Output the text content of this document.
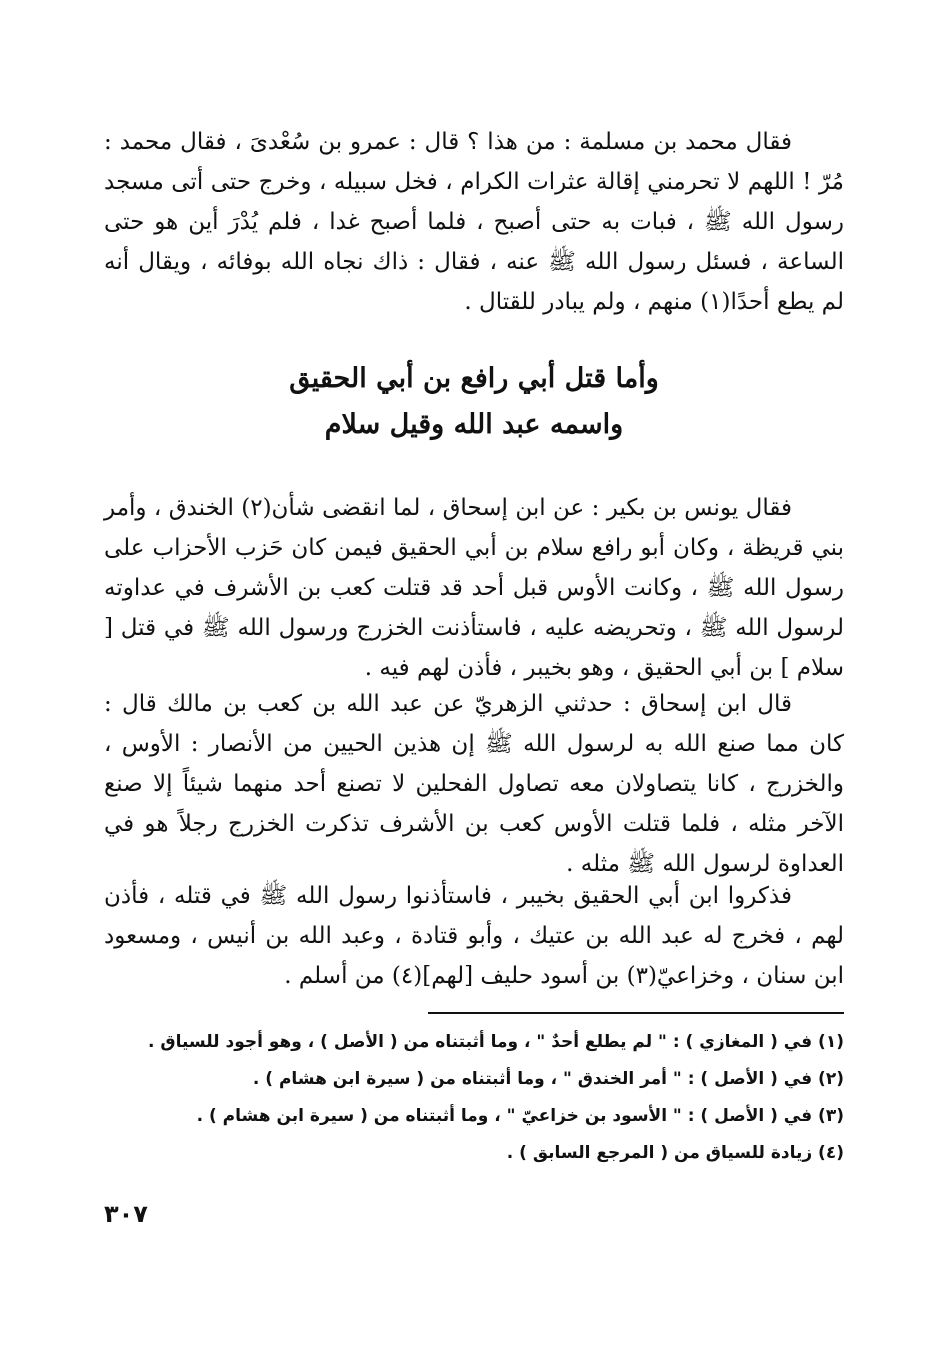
فقال محمد بن مسلمة : من هذا ؟ قال : عمرو بن سُعْدىَ ، فقال محمد : مُرّ ! اللهم لا تحرمني إقالة عثرات الكرام ، فخل سبيله ، وخرج حتى أتى مسجد رسول الله ﷺ ، فبات به حتى أصبح ، فلما أصبح غدا ، فلم يُدْرَ أين هو حتى الساعة ، فسئل رسول الله ﷺ عنه ، فقال : ذاك نجاه الله بوفائه ، ويقال أنه لم يطع أحدًا(١) منهم ، ولم يبادر للقتال .

وأما قتل أبي رافع بن أبي الحقيق
واسمه عبد الله وقيل سلام

فقال يونس بن بكير : عن ابن إسحاق ، لما انقضى شأن(٢) الخندق ، وأمر بني قريظة ، وكان أبو رافع سلام بن أبي الحقيق فيمن كان حَزب الأحزاب على رسول الله ﷺ ، وكانت الأوس قبل أحد قد قتلت كعب بن الأشرف في عداوته لرسول الله ﷺ ، وتحريضه عليه ، فاستأذنت الخزرج ورسول الله ﷺ في قتل [ سلام ] بن أبي الحقيق ، وهو بخيبر ، فأذن لهم فيه .

قال ابن إسحاق : حدثني الزهريّ عن عبد الله بن كعب بن مالك قال : كان مما صنع الله به لرسول الله ﷺ إن هذين الحيين من الأنصار : الأوس ، والخزرج ، كانا يتصاولان معه تصاول الفحلين لا تصنع أحد منهما شيئاً إلا صنع الآخر مثله ، فلما قتلت الأوس كعب بن الأشرف تذكرت الخزرج رجلاً هو في العداوة لرسول الله ﷺ مثله .

فذكروا ابن أبي الحقيق بخيبر ، فاستأذنوا رسول الله ﷺ في قتله ، فأذن لهم ، فخرج له عبد الله بن عتيك ، وأبو قتادة ، وعبد الله بن أنيس ، ومسعود ابن سنان ، وخزاعيّ(٣) بن أسود حليف [لهم](٤) من أسلم .

(١) في ( المغازي ) : " لم يطلع أحدٌ " ، وما أثبتناه من ( الأصل ) ، وهو أجود للسياق .
(٢) في ( الأصل ) : " أمر الخندق " ، وما أثبتناه من ( سيرة ابن هشام ) .
(٣) في ( الأصل ) : " الأسود بن خزاعيّ " ، وما أثبتناه من ( سيرة ابن هشام ) .
(٤) زيادة للسياق من ( المرجع السابق ) .
٣٠٧
